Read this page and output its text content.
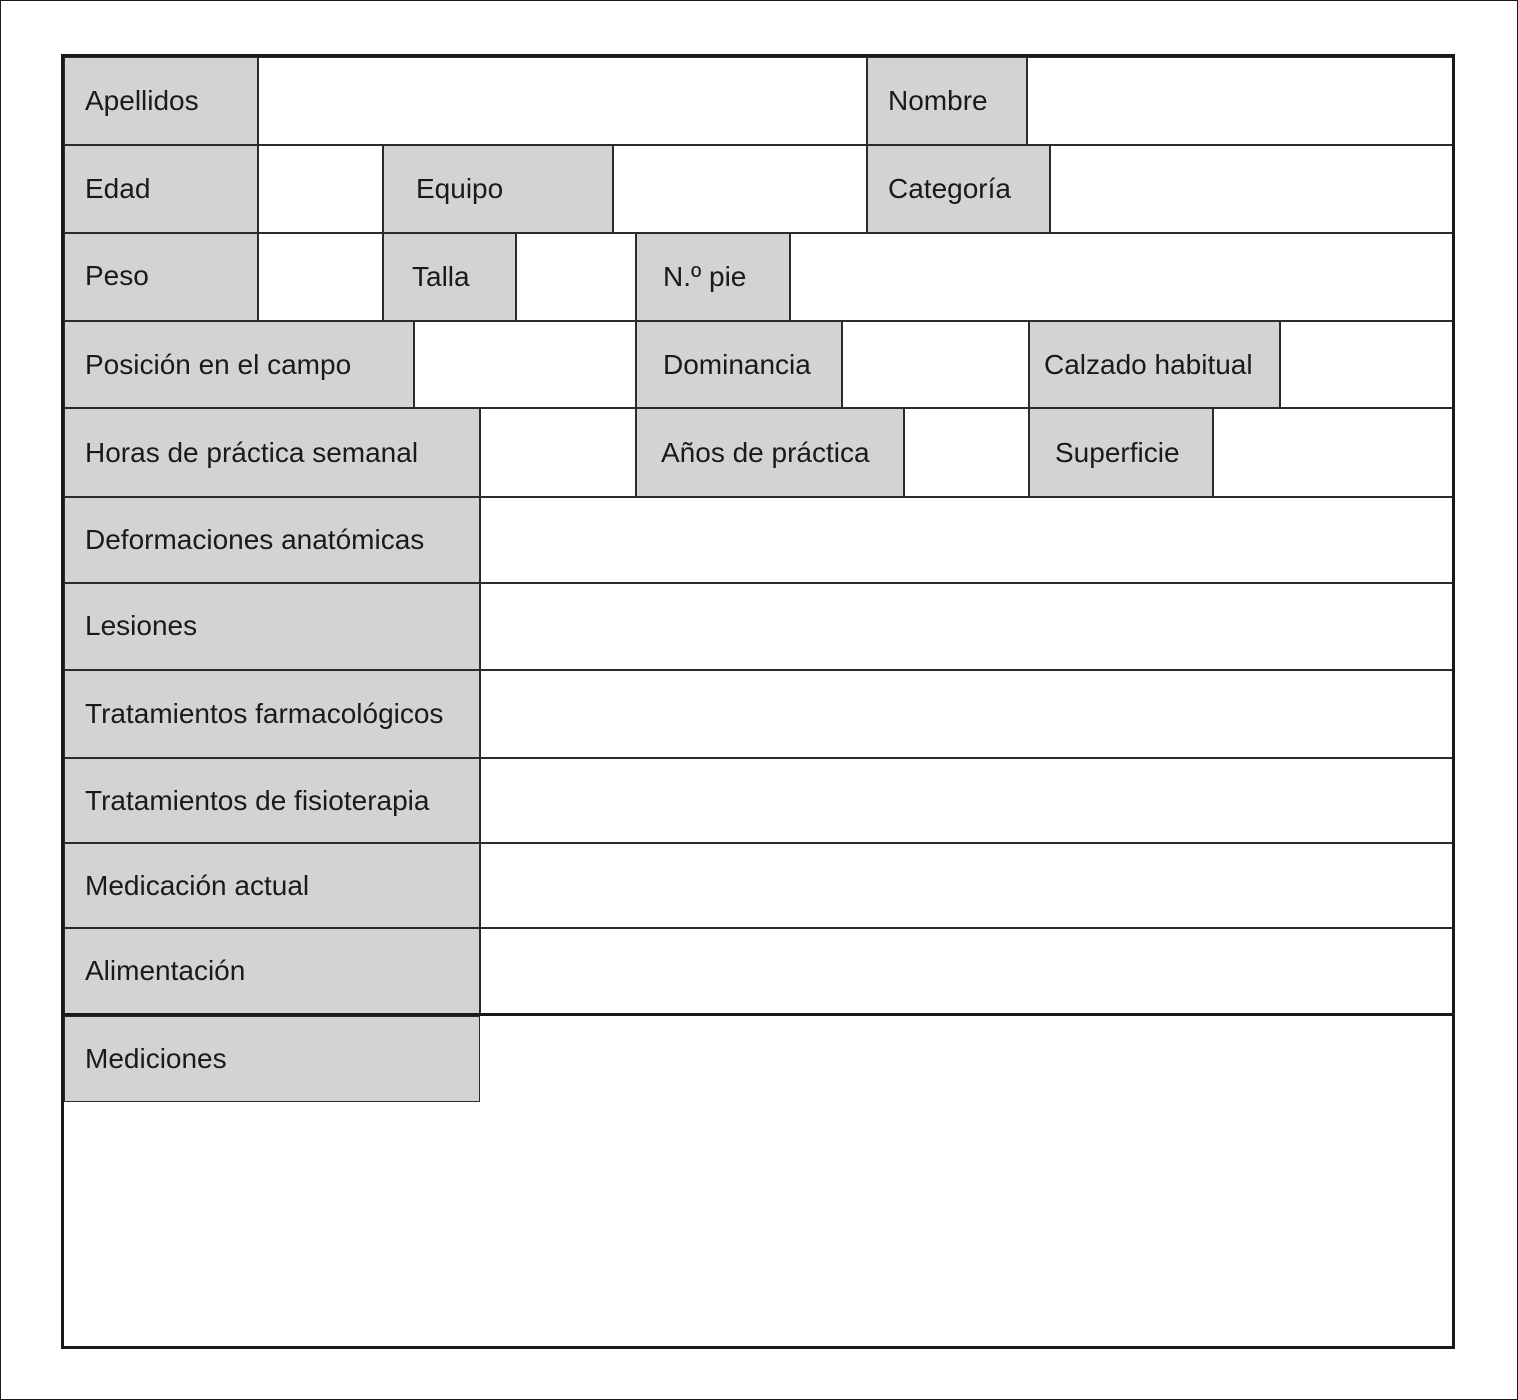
Apellidos	Nombre
Edad	Equipo	Categoría
Peso	Talla	N.º pie
Posición en el campo	Dominancia	Calzado habitual
Horas de práctica semanal	Años de práctica	Superficie
Deformaciones anatómicas
Lesiones
Tratamientos farmacológicos
Tratamientos de fisioterapia
Medicación actual
Alimentación
Mediciones
